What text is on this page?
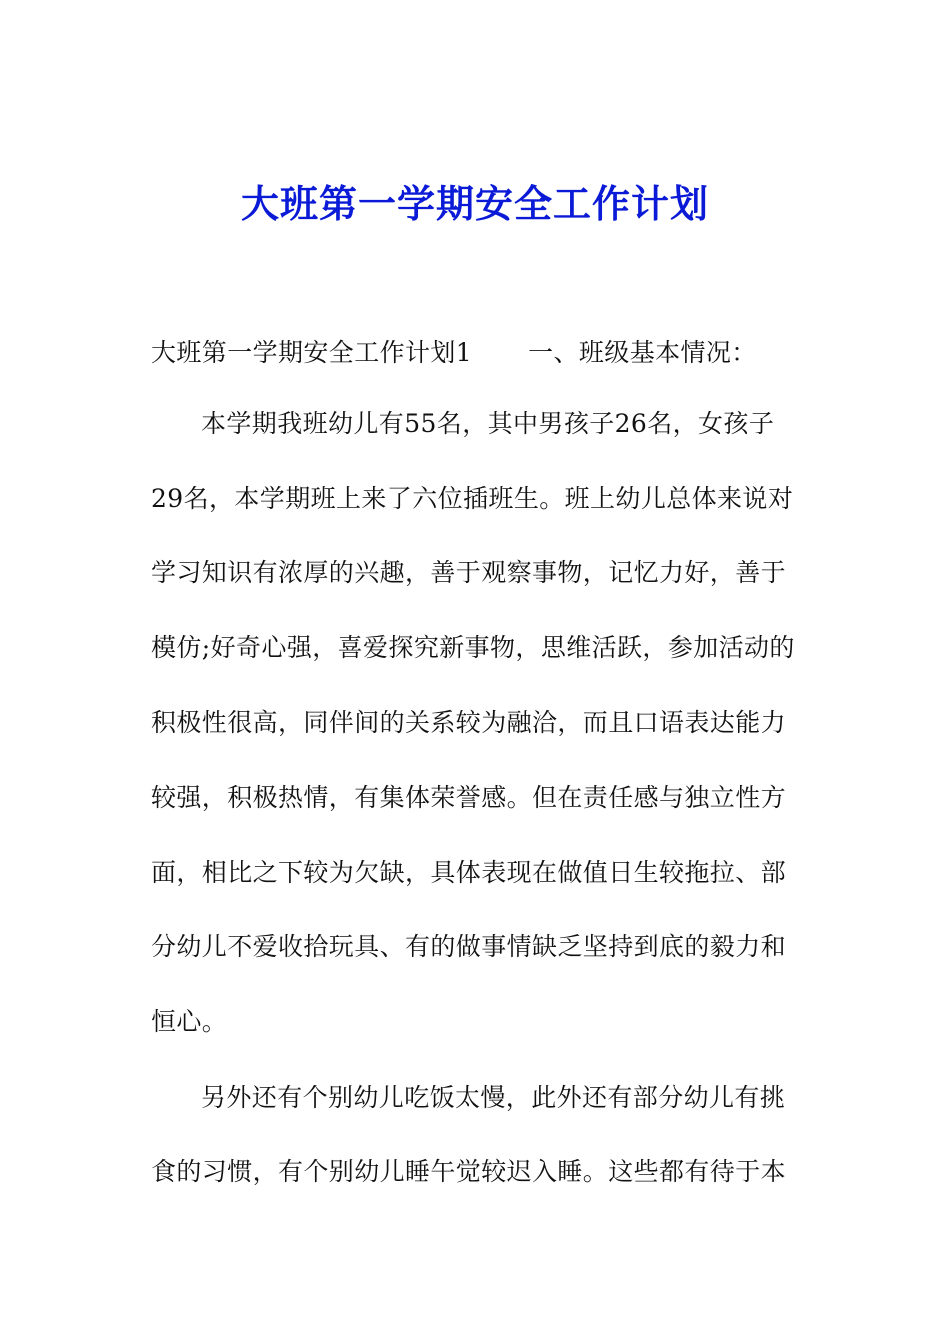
大班第一学期安全工作计划
大班第一学期安全工作计划1 一、班级基本情况：
本学期我班幼儿有55名，其中男孩子26名，女孩子
29名，本学期班上来了六位插班生。班上幼儿总体来说对
学习知识有浓厚的兴趣，善于观察事物，记忆力好，善于
模仿;好奇心强，喜爱探究新事物，思维活跃，参加活动的
积极性很高，同伴间的关系较为融洽，而且口语表达能力
较强，积极热情，有集体荣誉感。但在责任感与独立性方
面，相比之下较为欠缺，具体表现在做值日生较拖拉、部
分幼儿不爱收拾玩具、有的做事情缺乏坚持到底的毅力和
恒心。
另外还有个别幼儿吃饭太慢，此外还有部分幼儿有挑
食的习惯，有个别幼儿睡午觉较迟入睡。这些都有待于本
